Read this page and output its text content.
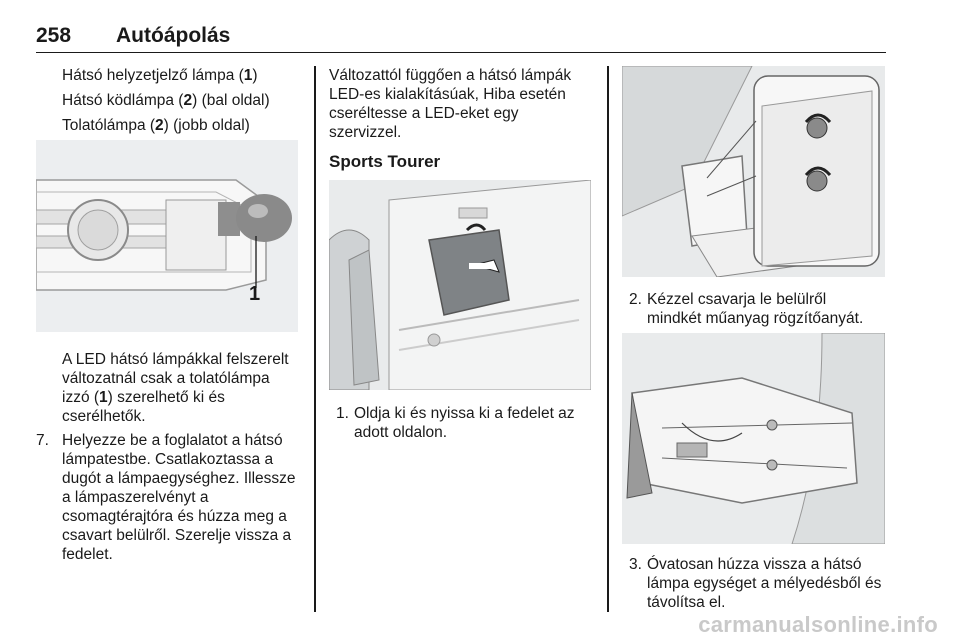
258 Autóápolás
Hátsó helyzetjelző lámpa (1)
Hátsó ködlámpa (2) (bal oldal)
Tolatólámpa (2) (jobb oldal)
1
A LED hátsó lámpákkal felszerelt
változatnál csak a tolatólámpa
izzó (1) szerelhető ki és
cserélhetők.
7. Helyezze be a foglalatot a hátsó
lámpatestbe. Csatlakoztassa a
dugót a lámpaegységhez. Illessze
a lámpaszerelvényt a
csomagtérajtóra és húzza meg a
csavart belülről. Szerelje vissza a
fedelet.
Változattól függően a hátsó lámpák
LED-es kialakításúak, Hiba esetén
cseréltesse a LED-eket egy
szervizzel.
Sports Tourer
1. Oldja ki és nyissa ki a fedelet az
adott oldalon.
2. Kézzel csavarja le belülről
mindkét műanyag rögzítőanyát.
3. Óvatosan húzza vissza a hátsó
lámpa egységet a mélyedésből és
távolítsa el.
carmanualsonline.info
